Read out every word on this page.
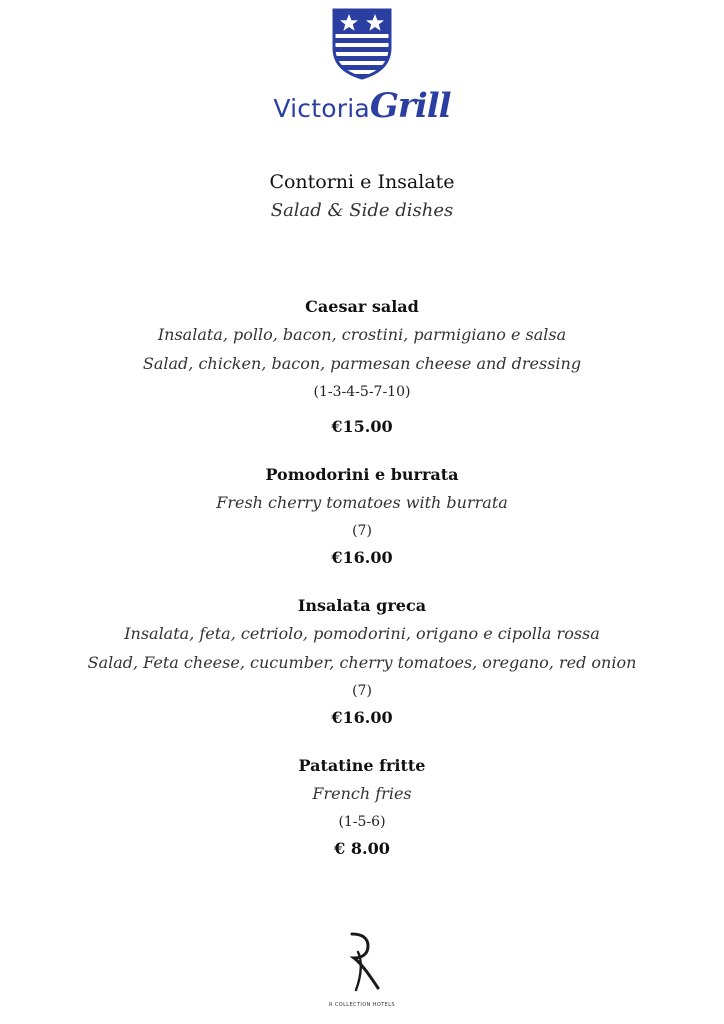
VictoriaGrill
Contorni e Insalate
Salad & Side dishes
Caesar salad
Insalata, pollo, bacon, crostini, parmigiano e salsa
Salad, chicken, bacon, parmesan cheese and dressing
(1-3-4-5-7-10)
€15.00
Pomodorini e burrata
Fresh cherry tomatoes with burrata
(7)
€16.00
Insalata greca
Insalata, feta, cetriolo, pomodorini, origano e cipolla rossa
Salad, Feta cheese, cucumber, cherry tomatoes, oregano, red onion
(7)
€16.00
Patatine fritte
French fries
(1-5-6)
€ 8.00
R COLLECTION HOTELS
